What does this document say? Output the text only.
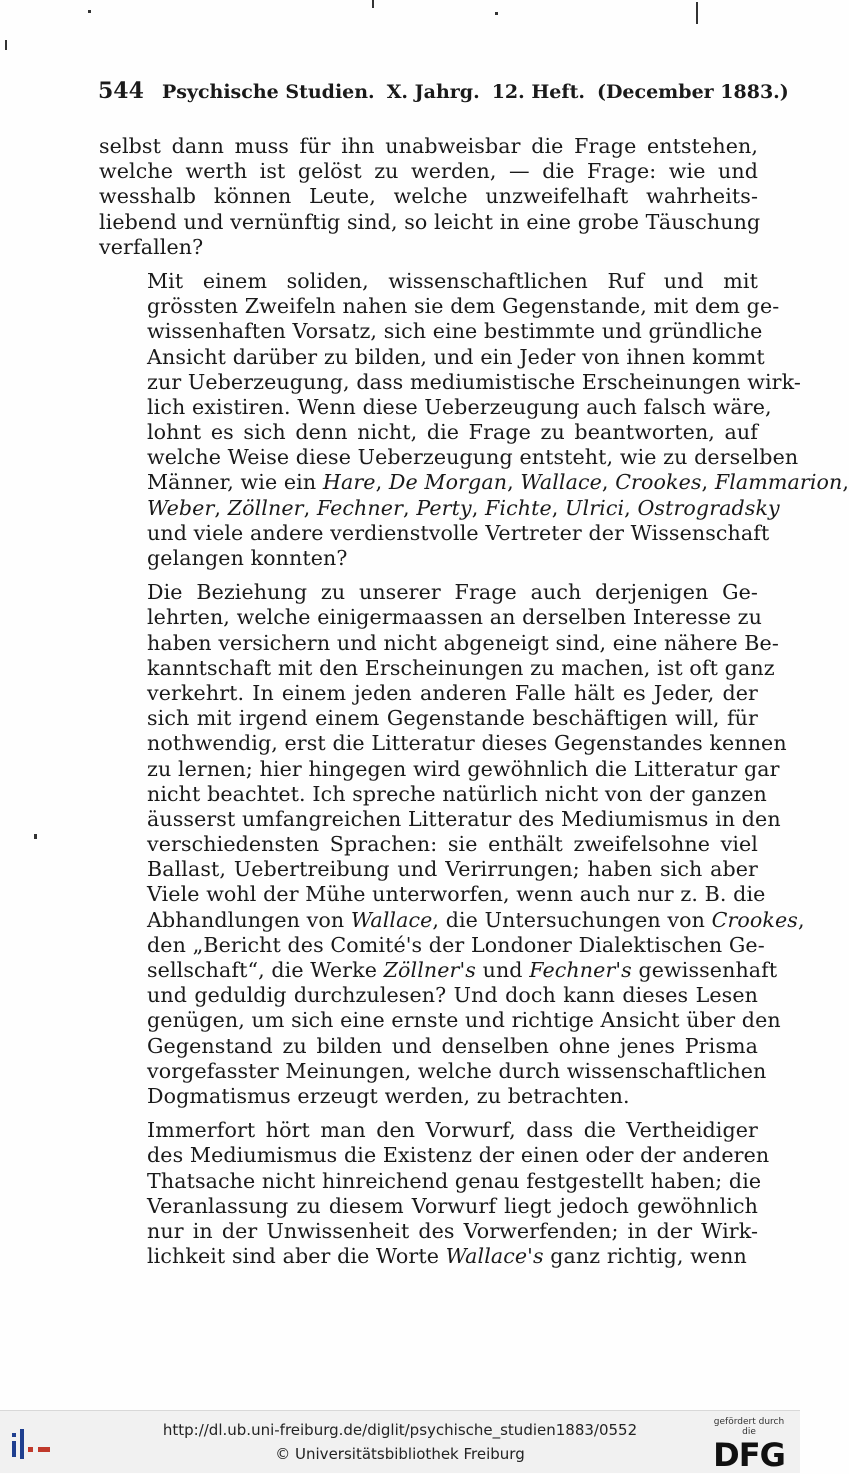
544 Psychische Studien. X. Jahrg. 12. Heft. (December 1883.)
selbst dann muss für ihn unabweisbar die Frage entstehen,
welche werth ist gelöst zu werden, — die Frage: wie und
wesshalb können Leute, welche unzweifelhaft wahrheits-
liebend und vernünftig sind, so leicht in eine grobe Täuschung
verfallen?
Mit einem soliden, wissenschaftlichen Ruf und mit
grössten Zweifeln nahen sie dem Gegenstande, mit dem ge-
wissenhaften Vorsatz, sich eine bestimmte und gründliche
Ansicht darüber zu bilden, und ein Jeder von ihnen kommt
zur Ueberzeugung, dass mediumistische Erscheinungen wirk-
lich existiren. Wenn diese Ueberzeugung auch falsch wäre,
lohnt es sich denn nicht, die Frage zu beantworten, auf
welche Weise diese Ueberzeugung entsteht, wie zu derselben
Männer, wie ein Hare, De Morgan, Wallace, Crookes, Flammarion,
Weber, Zöllner, Fechner, Perty, Fichte, Ulrici, Ostrogradsky
und viele andere verdienstvolle Vertreter der Wissenschaft
gelangen konnten?
Die Beziehung zu unserer Frage auch derjenigen Ge-
lehrten, welche einigermaassen an derselben Interesse zu
haben versichern und nicht abgeneigt sind, eine nähere Be-
kanntschaft mit den Erscheinungen zu machen, ist oft ganz
verkehrt. In einem jeden anderen Falle hält es Jeder, der
sich mit irgend einem Gegenstande beschäftigen will, für
nothwendig, erst die Litteratur dieses Gegenstandes kennen
zu lernen; hier hingegen wird gewöhnlich die Litteratur gar
nicht beachtet. Ich spreche natürlich nicht von der ganzen
äusserst umfangreichen Litteratur des Mediumismus in den
verschiedensten Sprachen: sie enthält zweifelsohne viel
Ballast, Uebertreibung und Verirrungen; haben sich aber
Viele wohl der Mühe unterworfen, wenn auch nur z. B. die
Abhandlungen von Wallace, die Untersuchungen von Crookes,
den „Bericht des Comité's der Londoner Dialektischen Ge-
sellschaft“, die Werke Zöllner's und Fechner's gewissenhaft
und geduldig durchzulesen? Und doch kann dieses Lesen
genügen, um sich eine ernste und richtige Ansicht über den
Gegenstand zu bilden und denselben ohne jenes Prisma
vorgefasster Meinungen, welche durch wissenschaftlichen
Dogmatismus erzeugt werden, zu betrachten.
Immerfort hört man den Vorwurf, dass die Vertheidiger
des Mediumismus die Existenz der einen oder der anderen
Thatsache nicht hinreichend genau festgestellt haben; die
Veranlassung zu diesem Vorwurf liegt jedoch gewöhnlich
nur in der Unwissenheit des Vorwerfenden; in der Wirk-
lichkeit sind aber die Worte Wallace's ganz richtig, wenn
http://dl.ub.uni-freiburg.de/diglit/psychische_studien1883/0552
© Universitätsbibliothek Freiburg
gefördert durch die
DFG
